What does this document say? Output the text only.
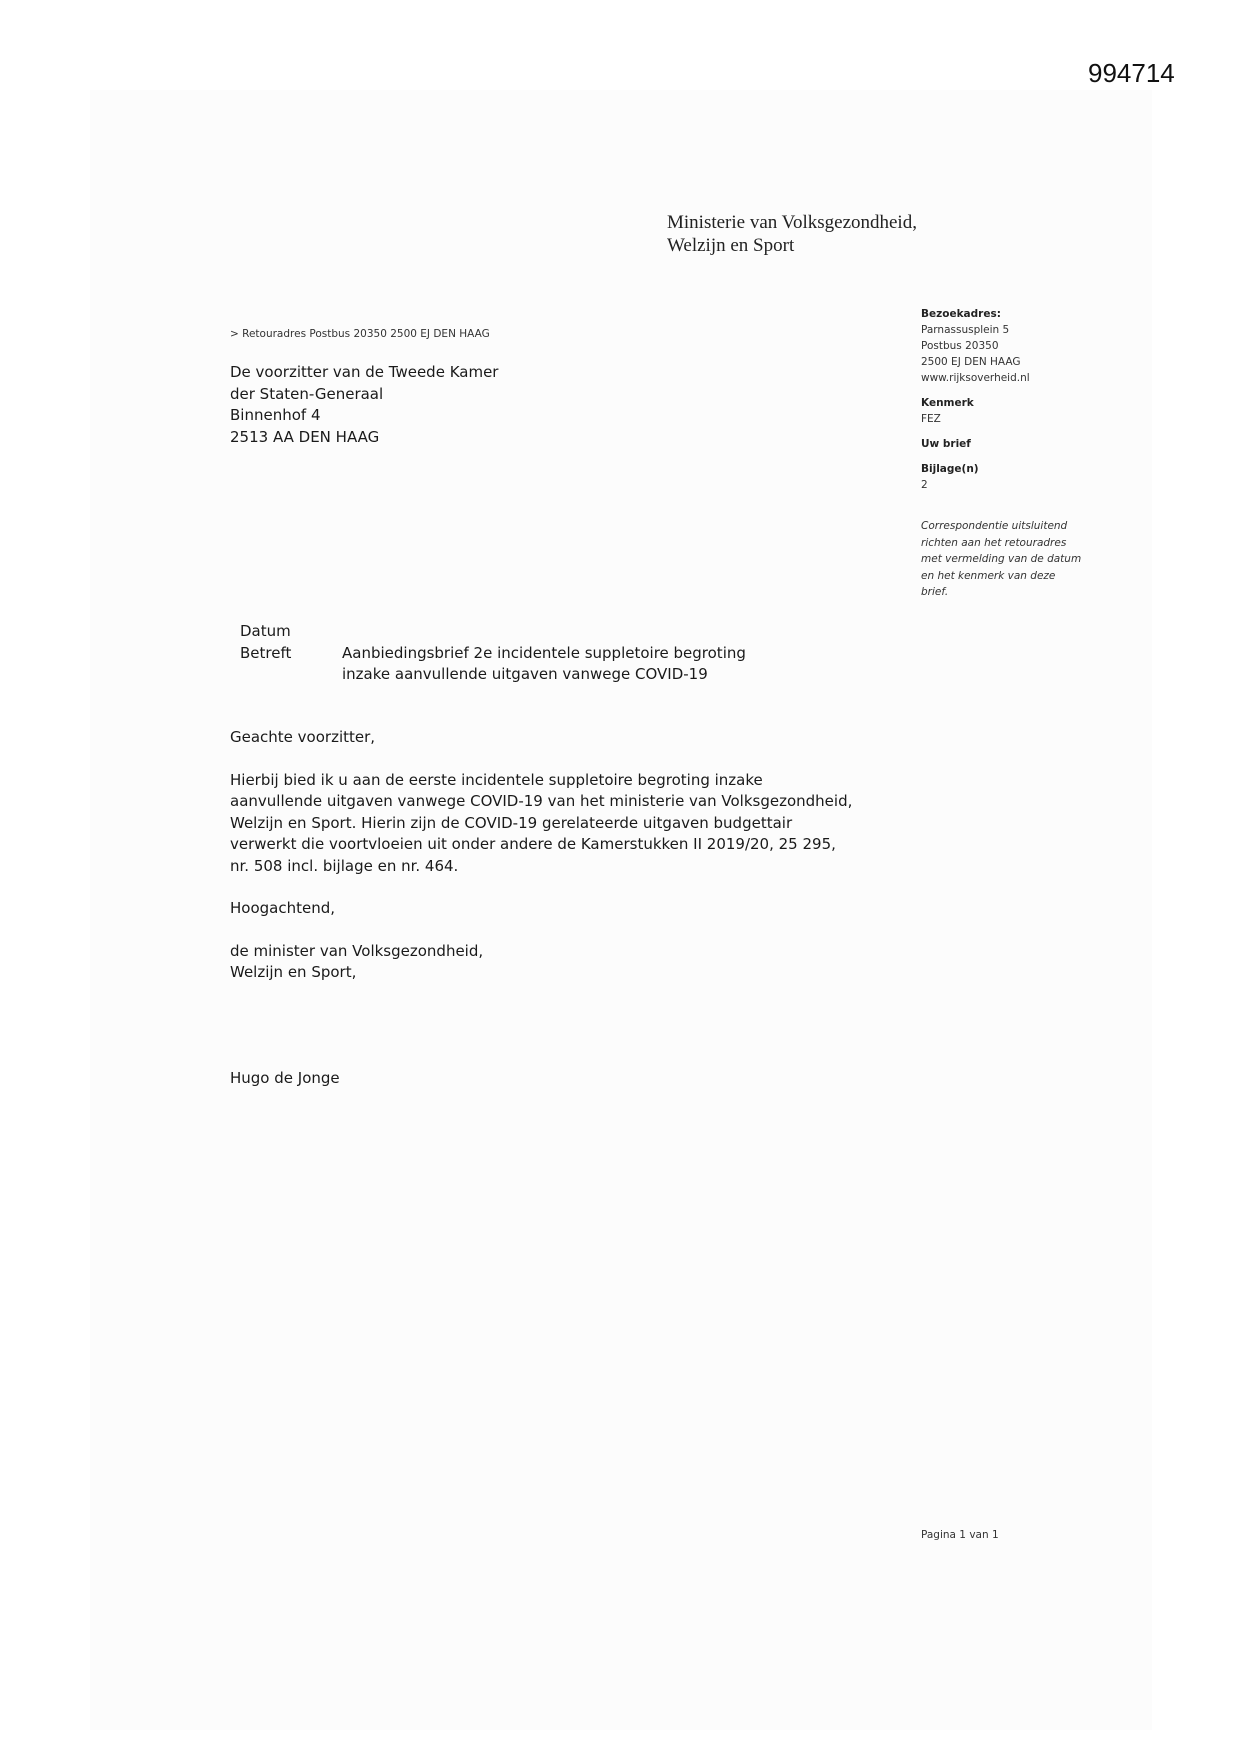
994714
Ministerie van Volksgezondheid,
Welzijn en Sport
> Retouradres Postbus 20350 2500 EJ DEN HAAG
De voorzitter van de Tweede Kamer
der Staten-Generaal
Binnenhof 4
2513 AA DEN HAAG
Bezoekadres:
Parnassusplein 5
Postbus 20350
2500 EJ DEN HAAG
www.rijksoverheid.nl
Kenmerk
FEZ
Uw brief
Bijlage(n)
2
Correspondentie uitsluitend
richten aan het retouradres
met vermelding van de datum
en het kenmerk van deze
brief.
Datum
Betreft	Aanbiedingsbrief 2e incidentele suppletoire begroting
inzake aanvullende uitgaven vanwege COVID-19
Geachte voorzitter,
Hierbij bied ik u aan de eerste incidentele suppletoire begroting inzake
aanvullende uitgaven vanwege COVID-19 van het ministerie van Volksgezondheid,
Welzijn en Sport. Hierin zijn de COVID-19 gerelateerde uitgaven budgettair
verwerkt die voortvloeien uit onder andere de Kamerstukken II 2019/20, 25 295,
nr. 508 incl. bijlage en nr. 464.
Hoogachtend,
de minister van Volksgezondheid,
Welzijn en Sport,
Hugo de Jonge
Pagina 1 van 1
